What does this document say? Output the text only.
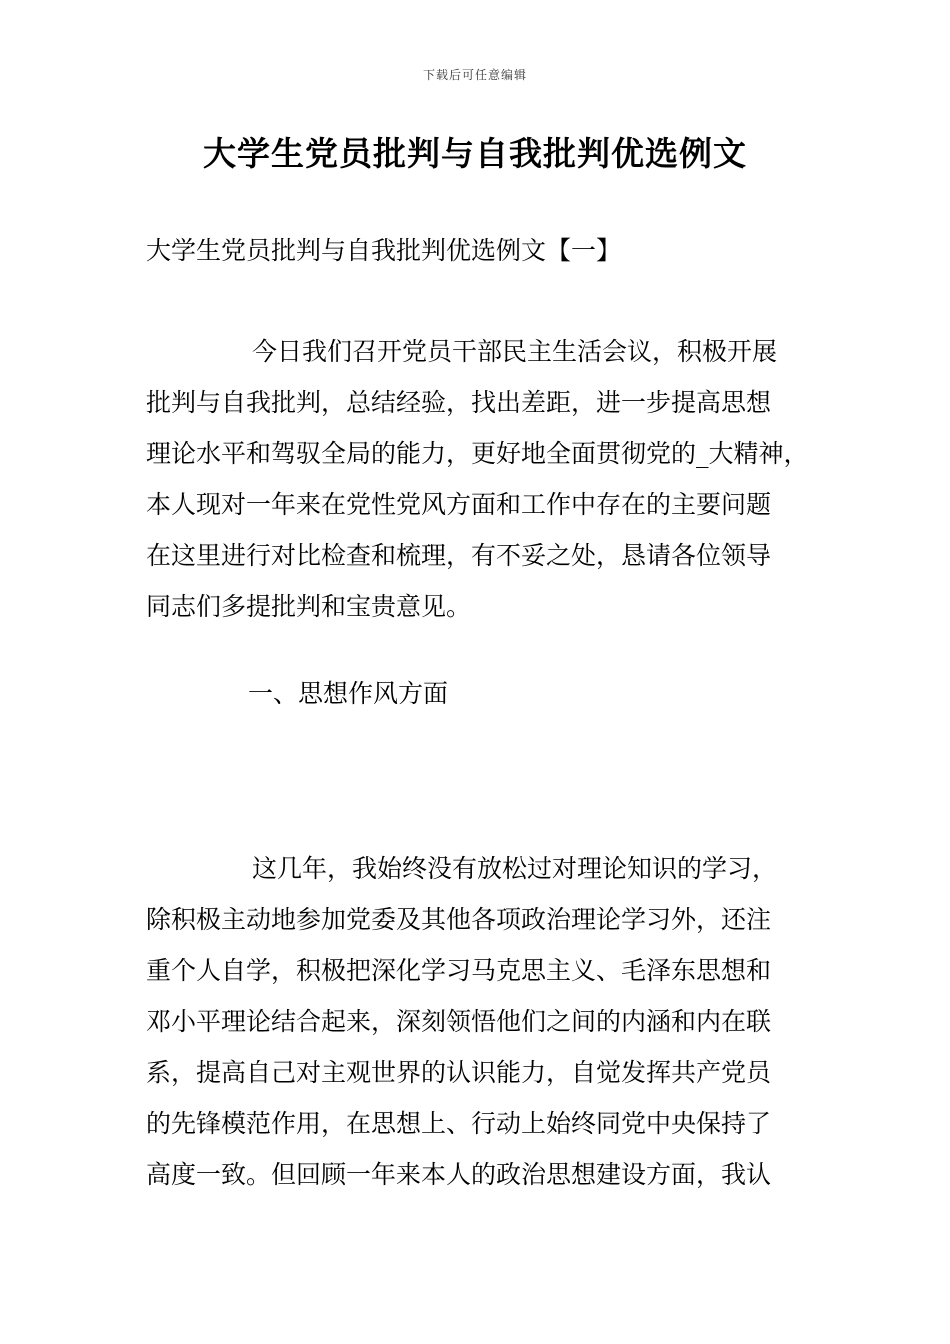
下载后可任意编辑
大学生党员批判与自我批判优选例文
大学生党员批判与自我批判优选例文【一】
今日我们召开党员干部民主生活会议，积极开展
批判与自我批判，总结经验，找出差距，进一步提高思想
理论水平和驾驭全局的能力，更好地全面贯彻党的_大精神，
本人现对一年来在党性党风方面和工作中存在的主要问题
在这里进行对比检查和梳理，有不妥之处，恳请各位领导
同志们多提批判和宝贵意见。
一、思想作风方面
这几年，我始终没有放松过对理论知识的学习，
除积极主动地参加党委及其他各项政治理论学习外，还注
重个人自学，积极把深化学习马克思主义、毛泽东思想和
邓小平理论结合起来，深刻领悟他们之间的内涵和内在联
系，提高自己对主观世界的认识能力，自觉发挥共产党员
的先锋模范作用，在思想上、行动上始终同党中央保持了
高度一致。但回顾一年来本人的政治思想建设方面，我认
